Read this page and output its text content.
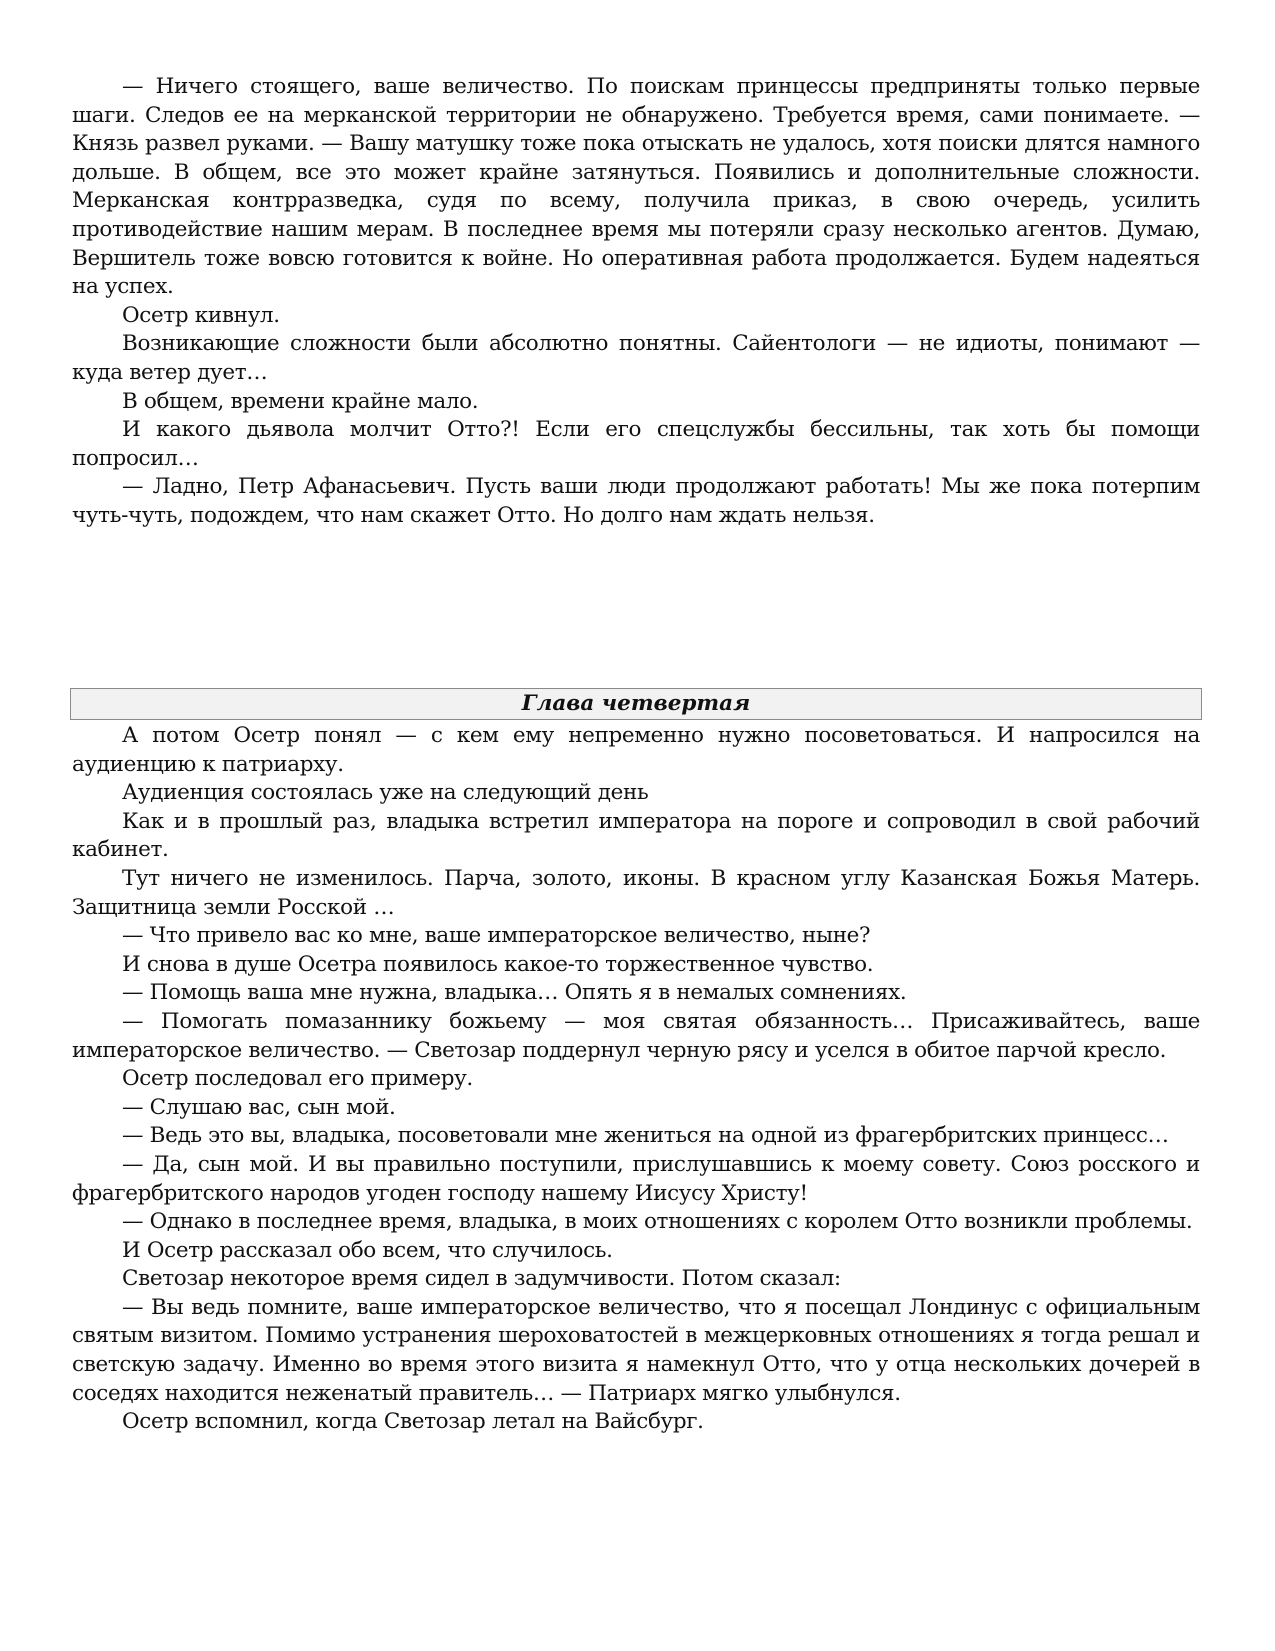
— Ничего стоящего, ваше величество. По поискам принцессы предприняты только первые шаги. Следов ее на меркaнской территории не обнаружено. Требуется время, сами понимаете. — Князь развел руками. — Вашу матушку тоже пока отыскать не удалось, хотя поиски длятся намного дольше. В общем, все это может крайне затянуться. Появились и дополнительные сложности. Меркaнская контрразведка, судя по всему, получила приказ, в свою очередь, усилить противодействие нашим мерам. В последнее время мы потеряли сразу несколько агентов. Думаю, Вершитель тоже вовсю готовится к войне. Но оперативная работа продолжается. Будем надеяться на успех.

Осетр кивнул.

Возникающие сложности были абсолютно понятны. Сайентологи — не идиоты, понимают — куда ветер дует…

В общем, времени крайне мало.

И какого дьявола молчит Отто?! Если его спецслужбы бессильны, так хоть бы помощи попросил…

— Ладно, Петр Афанасьевич. Пусть ваши люди продолжают работать! Мы же пока потерпим чуть-чуть, подождем, что нам скажет Отто. Но долго нам ждать нельзя.

Глава четвертая

А потом Осетр понял — с кем ему непременно нужно посоветоваться. И напросился на аудиенцию к патриарху.

Аудиенция состоялась уже на следующий день

Как и в прошлый раз, владыка встретил императора на пороге и сопроводил в свой рабочий кабинет.

Тут ничего не изменилось. Парча, золото, иконы. В красном углу Казанская Божья Матерь. Защитница земли Росской …

— Что привело вас ко мне, ваше императорское величество, ныне?

И снова в душе Осетра появилось какое-то торжественное чувство.

— Помощь ваша мне нужна, владыка… Опять я в немалых сомнениях.

— Помогать помазаннику божьему — моя святая обязанность… Присаживайтесь, ваше императорское величество. — Светозар поддернул черную рясу и уселся в обитое парчой кресло.

Осетр последовал его примеру.

— Слушаю вас, сын мой.

— Ведь это вы, владыка, посоветовали мне жениться на одной из фрагербритских принцесс…

— Да, сын мой. И вы правильно поступили, прислушавшись к моему совету. Союз росского и фрагербритского народов угоден господу нашему Иисусу Христу!

— Однако в последнее время, владыка, в моих отношениях с королем Отто возникли проблемы.

И Осетр рассказал обо всем, что случилось.

Светозар некоторое время сидел в задумчивости. Потом сказал:

— Вы ведь помните, ваше императорское величество, что я посещал Лондинус с официальным святым визитом. Помимо устранения шероховатостей в межцерковных отношениях я тогда решал и светскую задачу. Именно во время этого визита я намекнул Отто, что у отца нескольких дочерей в соседях находится неженатый правитель… — Патриарх мягко улыбнулся.

Осетр вспомнил, когда Светозар летал на Вайсбург.
